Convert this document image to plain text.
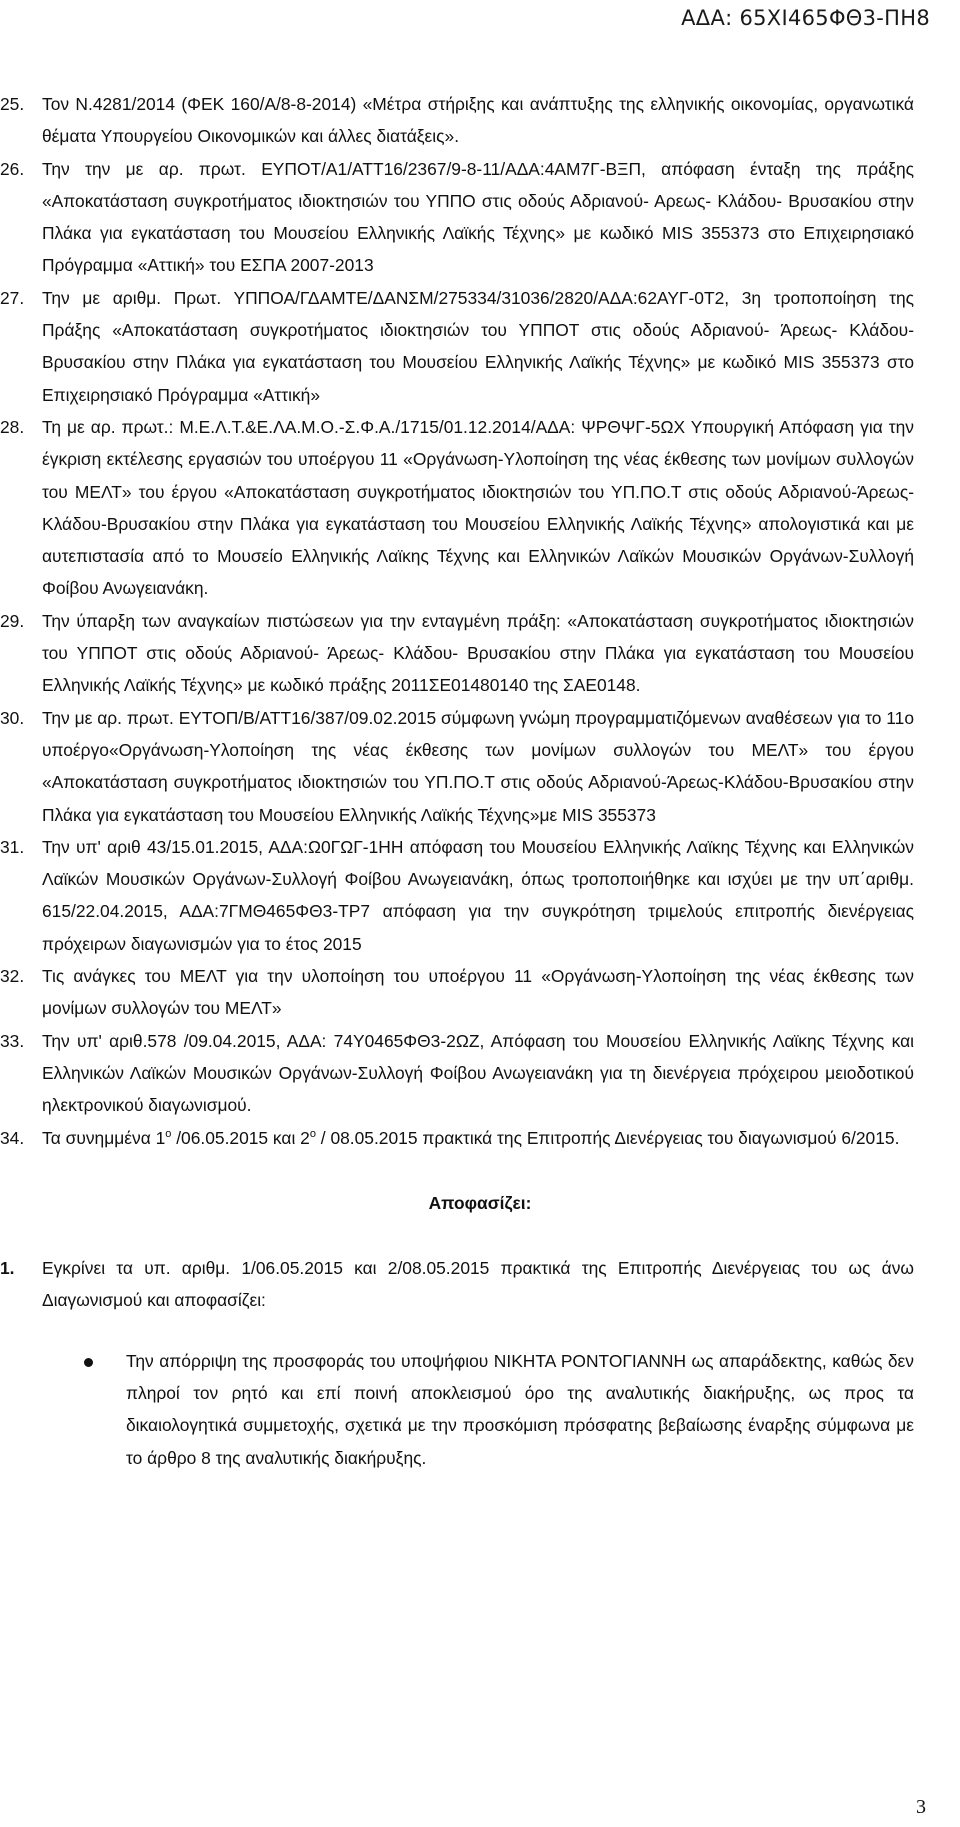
ΑΔΑ: 65ΧΙ465ΦΘ3-ΠΗ8
25.	Τον Ν.4281/2014 (ΦΕΚ 160/Α/8-8-2014) «Μέτρα στήριξης και ανάπτυξης της ελληνικής οικονομίας, οργανωτικά θέματα Υπουργείου Οικονομικών και άλλες διατάξεις».
26.	Την την με αρ. πρωτ. ΕΥΠΟΤ/Α1/ΑΤΤ16/2367/9-8-11/ΑΔΑ:4ΑΜ7Γ-ΒΞΠ, απόφαση ένταξη της πράξης «Αποκατάσταση συγκροτήματος ιδιοκτησιών του ΥΠΠΟ στις οδούς Αδριανού- Αρεως- Κλάδου- Βρυσακίου στην Πλάκα για εγκατάσταση του Μουσείου Ελληνικής Λαϊκής Τέχνης» με κωδικό MIS 355373 στο Επιχειρησιακό Πρόγραμμα «Αττική» του ΕΣΠΑ 2007-2013
27.	Την με αριθμ. Πρωτ. ΥΠΠΟΑ/ΓΔΑΜΤΕ/ΔΑΝΣΜ/275334/31036/2820/ΑΔΑ:62ΑΥΓ-0Τ2, 3η τροποποίηση της Πράξης «Αποκατάσταση συγκροτήματος ιδιοκτησιών του ΥΠΠΟΤ στις οδούς Αδριανού- Άρεως- Κλάδου- Βρυσακίου στην Πλάκα για εγκατάσταση του Μουσείου Ελληνικής Λαϊκής Τέχνης» με κωδικό MIS 355373 στο Επιχειρησιακό Πρόγραμμα «Αττική»
28.	Τη με αρ. πρωτ.: Μ.Ε.Λ.Τ.&Ε.ΛΑ.Μ.Ο.-Σ.Φ.Α./1715/01.12.2014/ΑΔΑ: ΨΡΘΨΓ-5ΩΧ Υπουργική Απόφαση για την έγκριση εκτέλεσης εργασιών του υποέργου 11 «Οργάνωση-Υλοποίηση της νέας έκθεσης των μονίμων συλλογών του ΜΕΛΤ» του έργου «Αποκατάσταση συγκροτήματος ιδιοκτησιών του ΥΠ.ΠΟ.Τ στις οδούς Αδριανού-Άρεως-Κλάδου-Βρυσακίου στην Πλάκα για εγκατάσταση του Μουσείου Ελληνικής Λαϊκής Τέχνης» απολογιστικά και με αυτεπιστασία από το Μουσείο Ελληνικής Λαϊκης Τέχνης και Ελληνικών Λαϊκών Μουσικών Οργάνων-Συλλογή Φοίβου Ανωγειανάκη.
29.	Την ύπαρξη των αναγκαίων πιστώσεων για την ενταγμένη πράξη: «Αποκατάσταση συγκροτήματος ιδιοκτησιών του ΥΠΠΟΤ στις οδούς Αδριανού- Άρεως- Κλάδου- Βρυσακίου στην Πλάκα για εγκατάσταση του Μουσείου Ελληνικής Λαϊκής Τέχνης» με κωδικό πράξης 2011ΣΕ01480140 της ΣΑΕ0148.
30.	Την με αρ. πρωτ. ΕΥΤΟΠ/Β/ΑΤΤ16/387/09.02.2015 σύμφωνη γνώμη προγραμματιζόμενων αναθέσεων για το 11ο υποέργο«Οργάνωση-Υλοποίηση της νέας έκθεσης των μονίμων συλλογών του ΜΕΛΤ» του έργου «Αποκατάσταση συγκροτήματος ιδιοκτησιών του ΥΠ.ΠΟ.Τ στις οδούς Αδριανού-Άρεως-Κλάδου-Βρυσακίου στην Πλάκα για εγκατάσταση του Μουσείου Ελληνικής Λαϊκής Τέχνης»με MIS 355373
31.	Την υπ' αριθ 43/15.01.2015, ΑΔΑ:Ω0ΓΩΓ-1ΗΗ απόφαση του Μουσείου Ελληνικής Λαϊκης Τέχνης και Ελληνικών Λαϊκών Μουσικών Οργάνων-Συλλογή Φοίβου Ανωγειανάκη, όπως τροποποιήθηκε και ισχύει με την υπ΄αριθμ. 615/22.04.2015, ΑΔΑ:7ΓΜΘ465ΦΘ3-ΤΡ7 απόφαση για την συγκρότηση τριμελούς επιτροπής διενέργειας πρόχειρων διαγωνισμών για το έτος 2015
32.	Τις ανάγκες του ΜΕΛΤ για την υλοποίηση του υποέργου 11 «Οργάνωση-Υλοποίηση της νέας έκθεσης των μονίμων συλλογών του ΜΕΛΤ»
33.	Την υπ' αριθ.578 /09.04.2015, ΑΔΑ: 74Υ0465ΦΘ3-2ΩΖ, Απόφαση του Μουσείου Ελληνικής Λαϊκης Τέχνης και Ελληνικών Λαϊκών Μουσικών Οργάνων-Συλλογή Φοίβου Ανωγειανάκη για τη διενέργεια πρόχειρου μειοδοτικού ηλεκτρονικού διαγωνισμού.
34.	Τα συνημμένα $1^o$ /06.05.2015 και $2^o / 08.05.2015$ πρακτικά της Επιτροπής Διενέργειας του διαγωνισμού 6/2015.
Αποφασίζει:
1. Εγκρίνει τα υπ. αριθμ. 1/06.05.2015 και 2/08.05.2015 πρακτικά της Επιτροπής Διενέργειας του ως άνω Διαγωνισμού και αποφασίζει:
Την απόρριψη της προσφοράς του υποψήφιου ΝΙΚΗΤΑ ΡΟΝΤΟΓΙΑΝΝΗ ως απαράδεκτης, καθώς δεν πληροί τον ρητό και επί ποινή αποκλεισμού όρο της αναλυτικής διακήρυξης, ως προς τα δικαιολογητικά συμμετοχής, σχετικά με την προσκόμιση πρόσφατης βεβαίωσης έναρξης σύμφωνα με το άρθρο 8 της αναλυτικής διακήρυξης.
3
